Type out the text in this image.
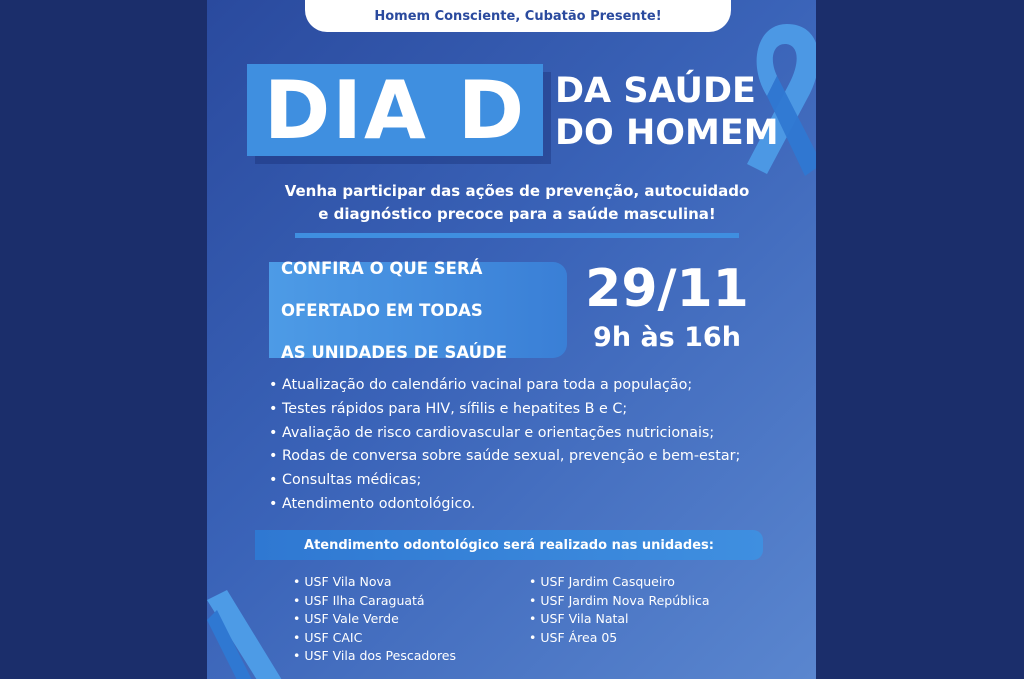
Homem Consciente, Cubatão Presente!
DIA D DA SAÚDE
DO HOMEM
Venha participar das ações de prevenção, autocuidado
e diagnóstico precoce para a saúde masculina!

CONFIRA O QUE SERÁ

OFERTADO EM TODAS

AS UNIDADES DE SAÚDE

29/11
9h às 16h
• Atualização do calendário vacinal para toda a população;
• Testes rápidos para HIV, sífilis e hepatites B e C;
• Avaliação de risco cardiovascular e orientações nutricionais;
• Rodas de conversa sobre saúde sexual, prevenção e bem-estar;
• Consultas médicas;
• Atendimento odontológico.
Atendimento odontológico será realizado nas unidades:
• USF Vila Nova
• USF Ilha Caraguatá
• USF Vale Verde
• USF CAIC
• USF Vila dos Pescadores
• USF Jardim Casqueiro
• USF Jardim Nova República
• USF Vila Natal
• USF Área 05
